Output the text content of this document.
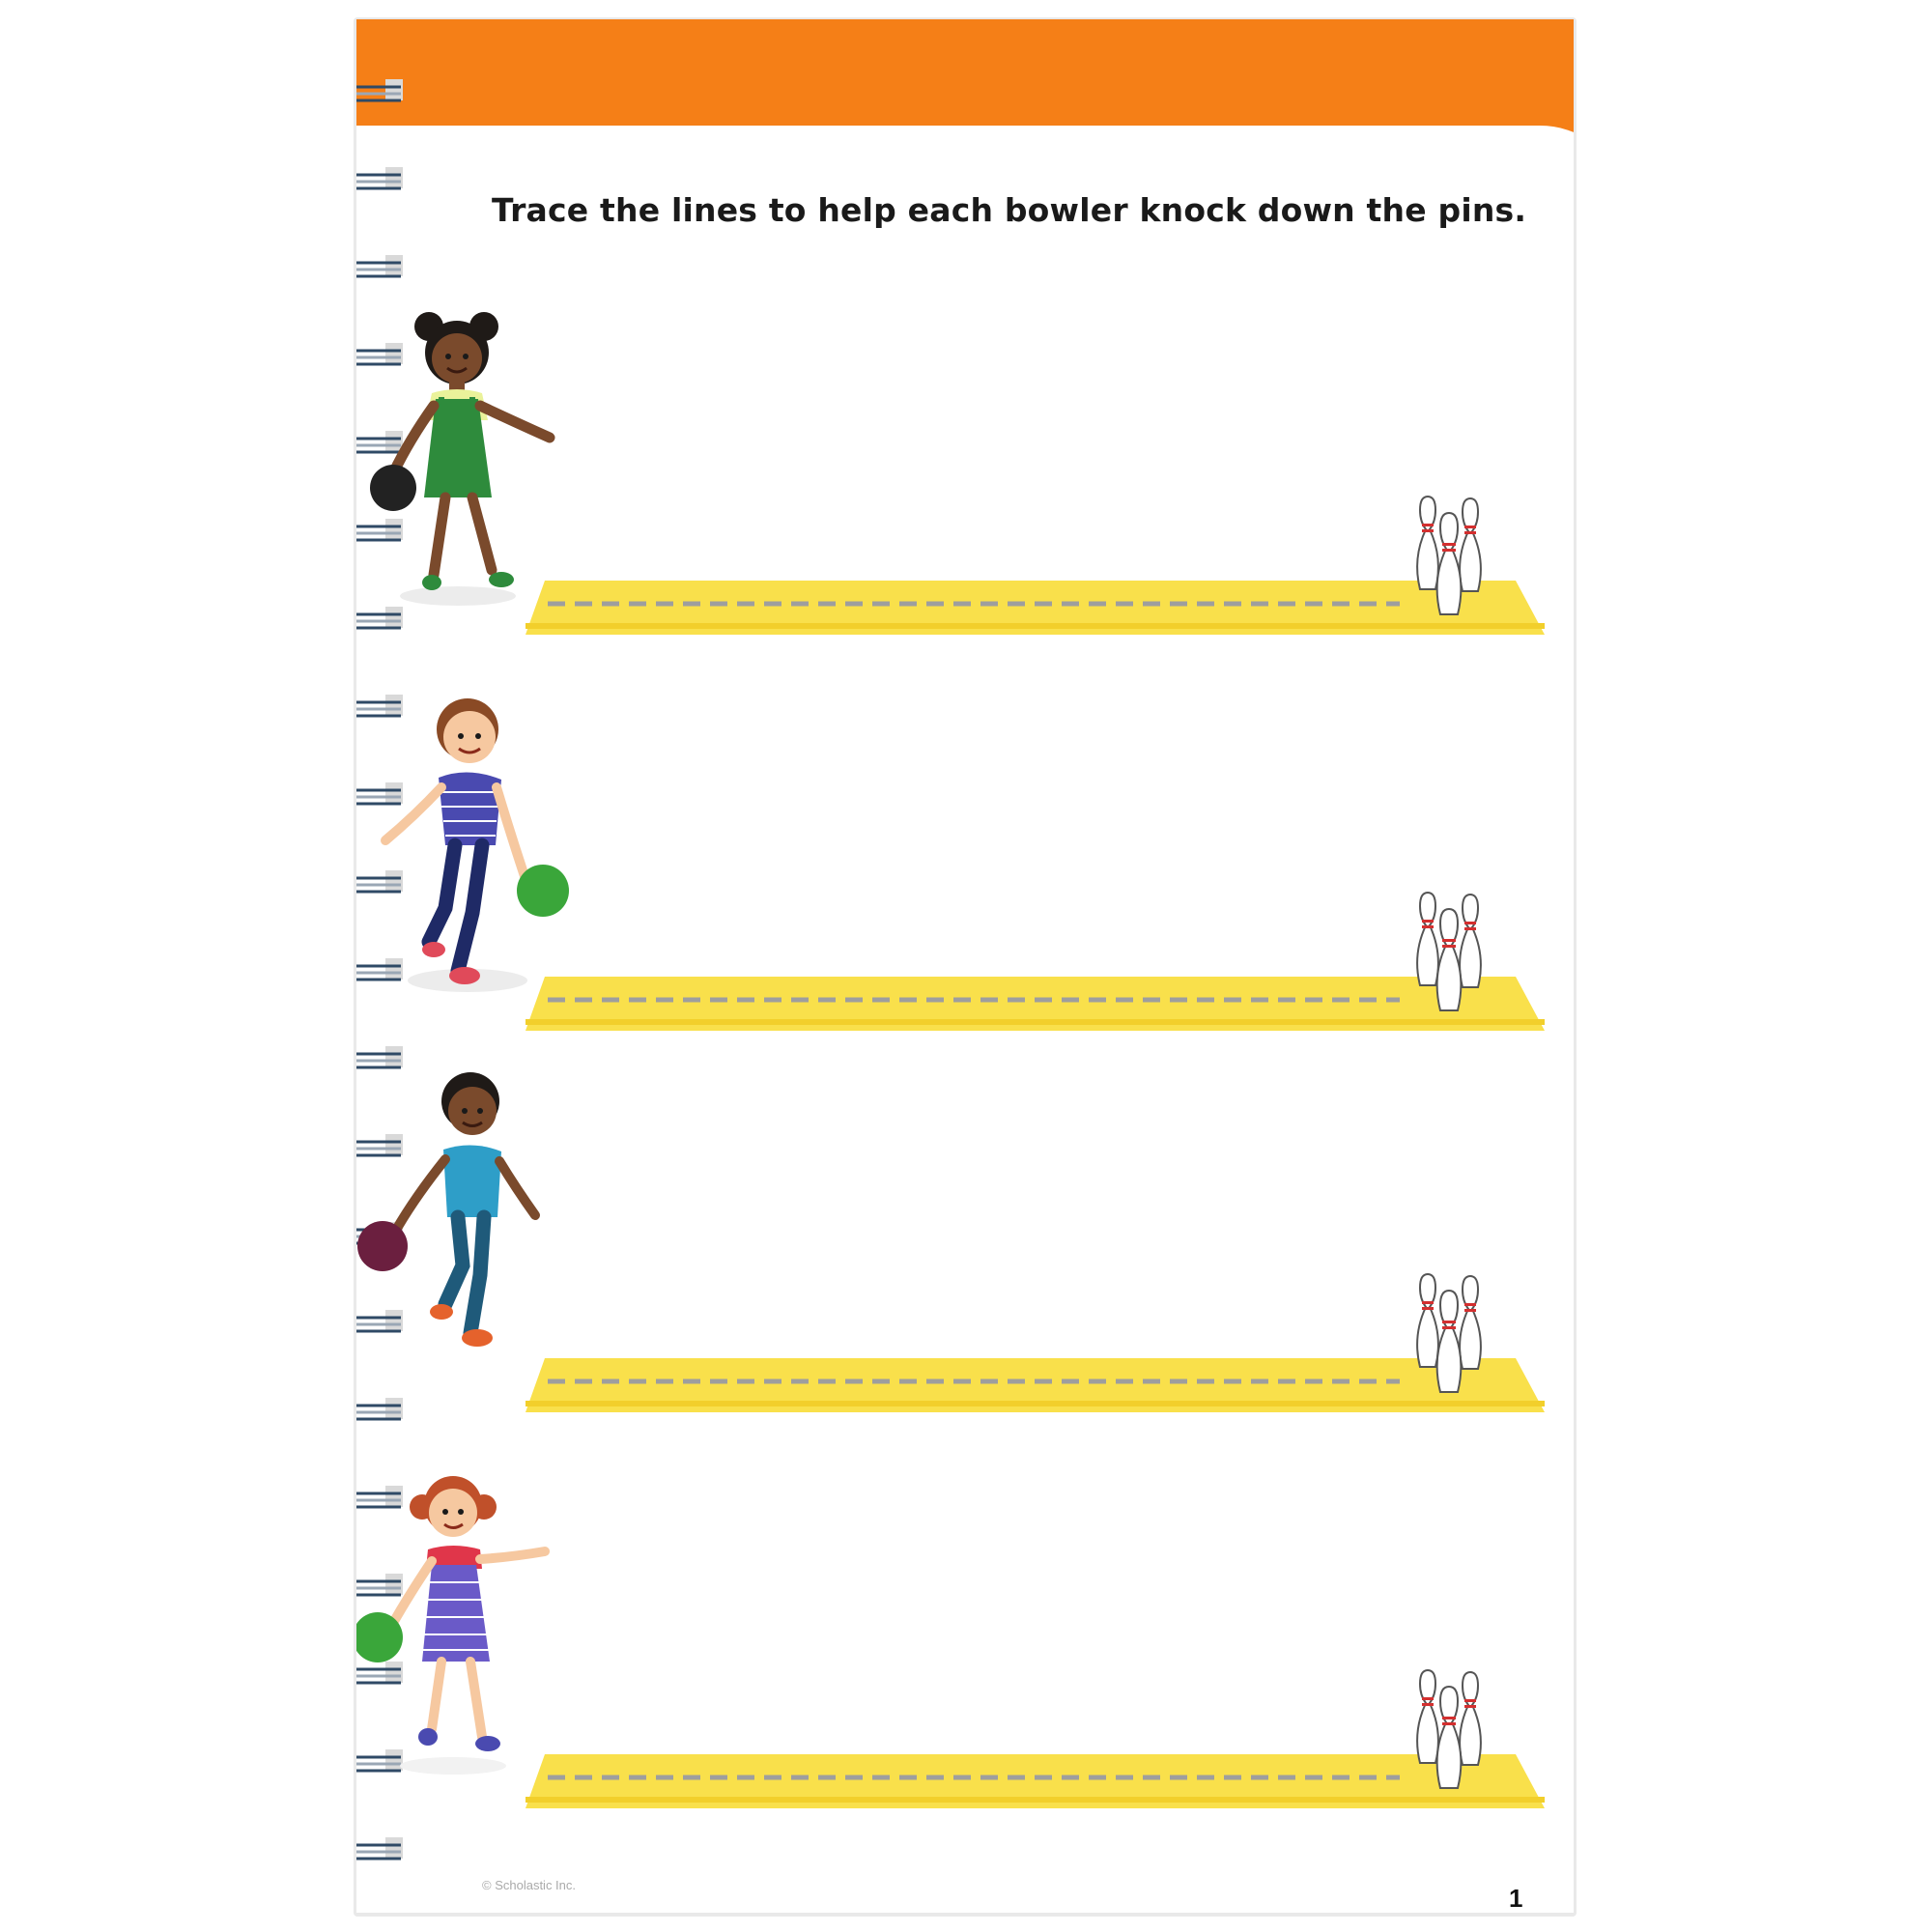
Trace the lines to help each bowler knock down the pins.
© Scholastic Inc.	1
